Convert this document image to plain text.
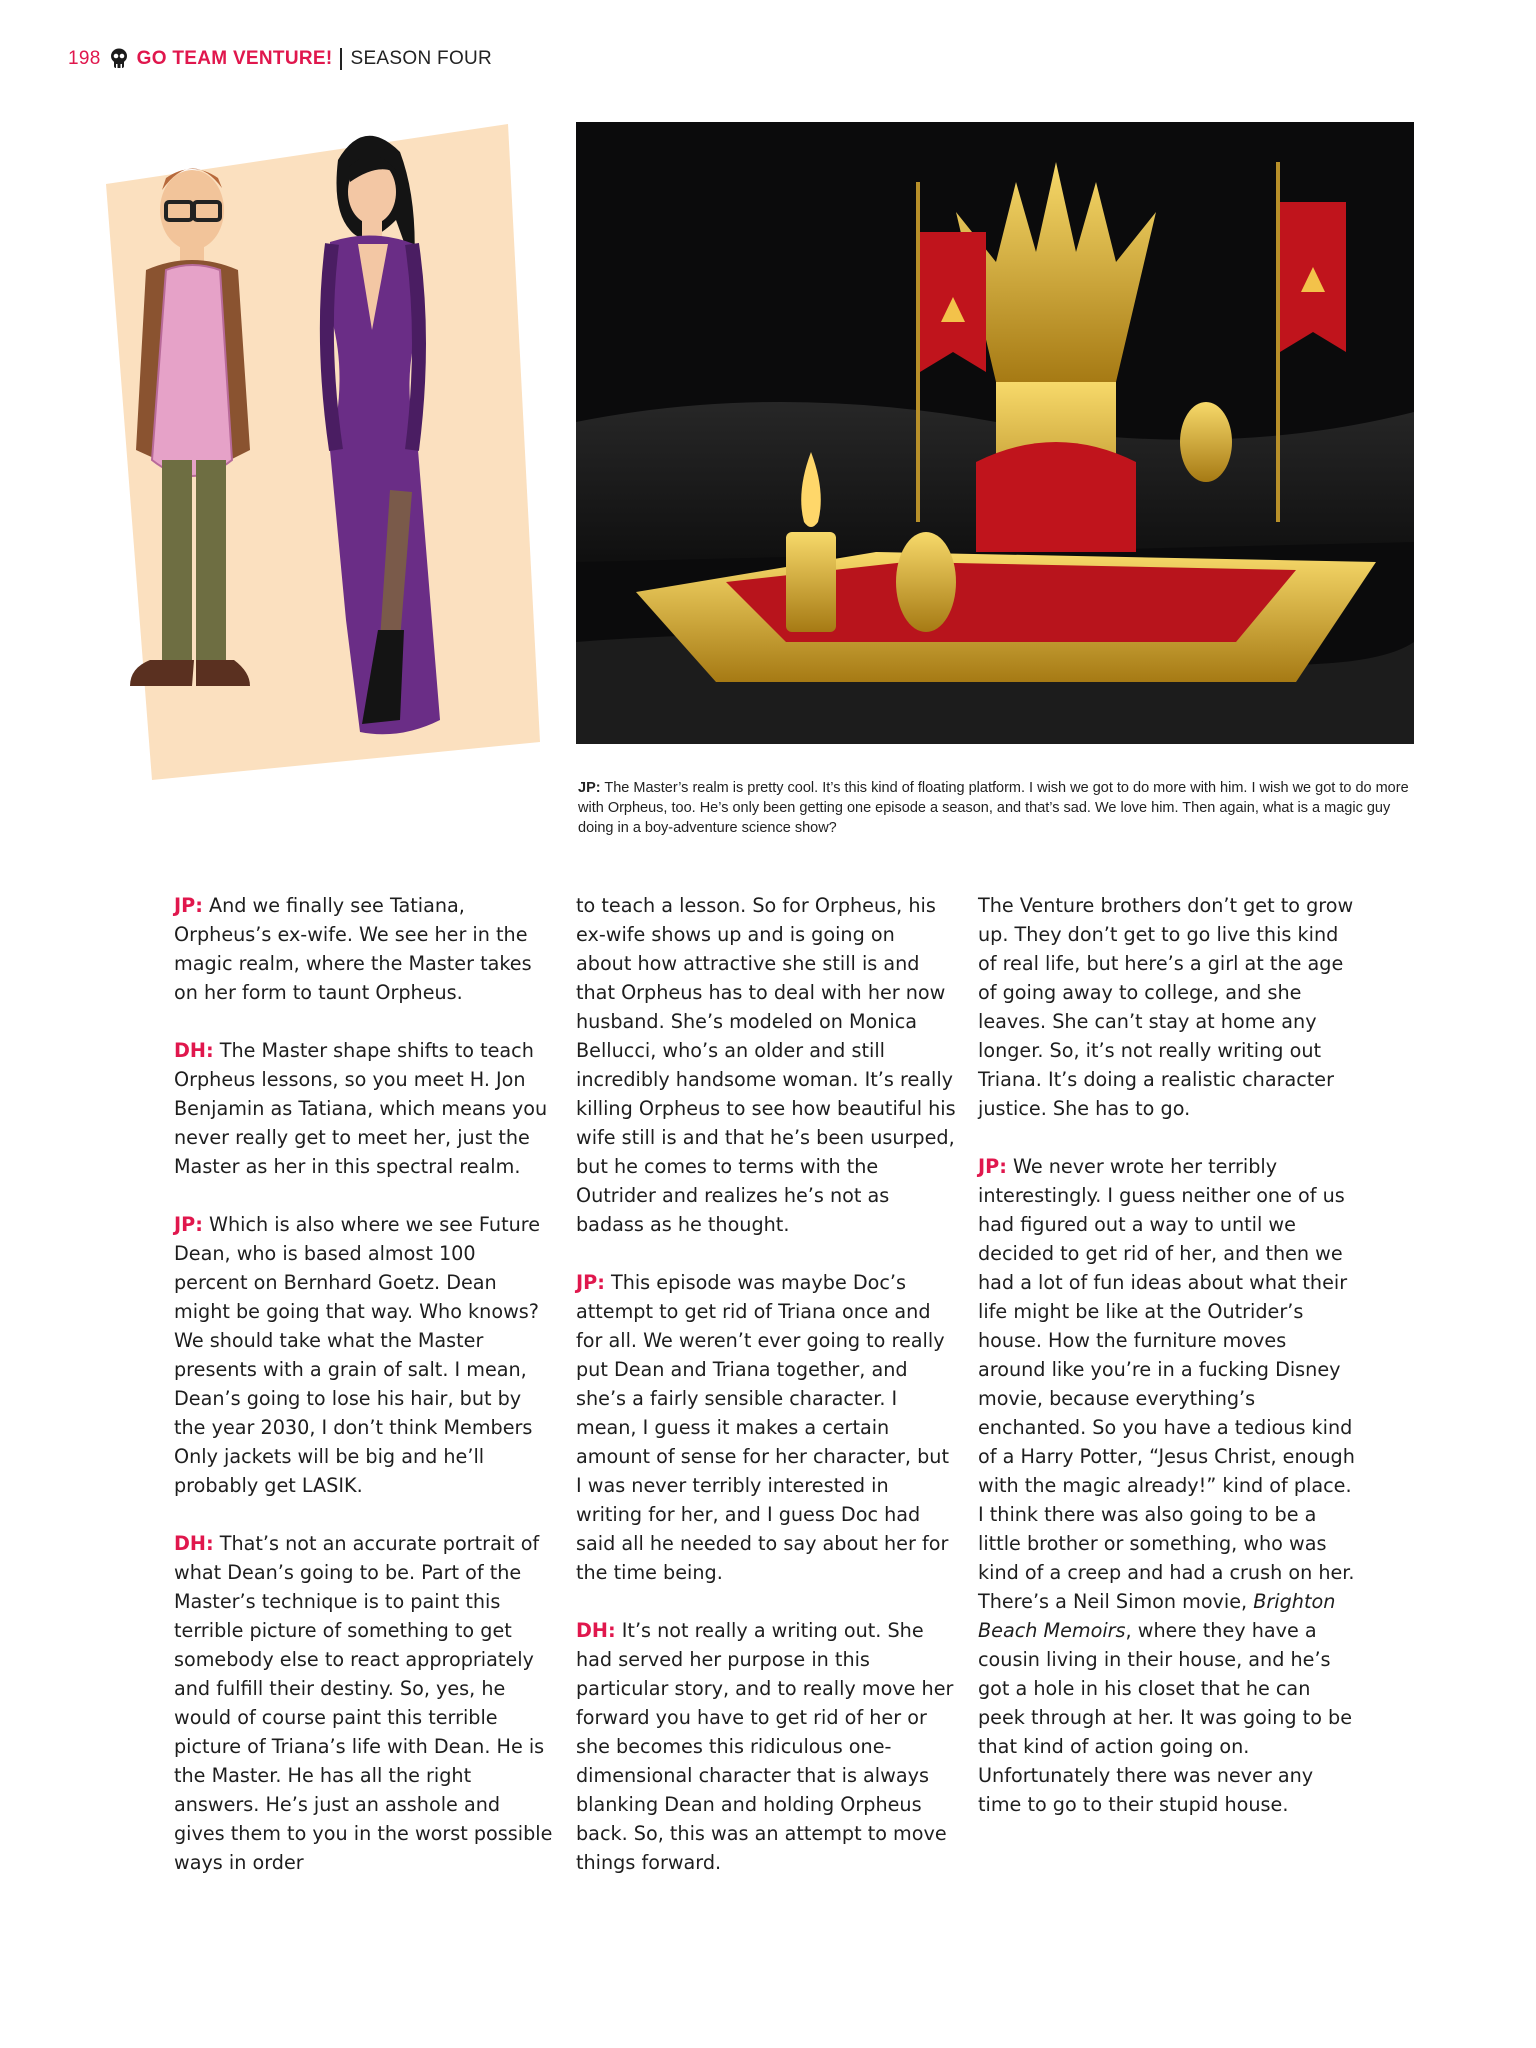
198 GO TEAM VENTURE! SEASON FOUR
JP: The Master’s realm is pretty cool. It’s this kind of floating platform. I wish we got to do more with him. I wish we got to do more with Orpheus, too. He’s only been getting one episode a season, and that’s sad. We love him. Then again, what is a magic guy doing in a boy-adventure science show?

JP: And we finally see Tatiana, Orpheus’s ex-wife. We see her in the magic realm, where the Master takes on her form to taunt Orpheus.

DH: The Master shape shifts to teach Orpheus lessons, so you meet H. Jon Benjamin as Tatiana, which means you never really get to meet her, just the Master as her in this spectral realm.

JP: Which is also where we see Future Dean, who is based almost 100 percent on Bernhard Goetz. Dean might be going that way. Who knows? We should take what the Master presents with a grain of salt. I mean, Dean’s going to lose his hair, but by the year 2030, I don’t think Members Only jackets will be big and he’ll probably get LASIK.

DH: That’s not an accurate portrait of what Dean’s going to be. Part of the Master’s technique is to paint this terrible picture of something to get somebody else to react appropriately and fulfill their destiny. So, yes, he would of course paint this terrible picture of Triana’s life with Dean. He is the Master. He has all the right answers. He’s just an asshole and gives them to you in the worst possible ways in order

to teach a lesson. So for Orpheus, his ex-wife shows up and is going on about how attractive she still is and that Orpheus has to deal with her now husband. She’s modeled on Monica Bellucci, who’s an older and still incredibly handsome woman. It’s really killing Orpheus to see how beautiful his wife still is and that he’s been usurped, but he comes to terms with the Outrider and realizes he’s not as badass as he thought.

JP: This episode was maybe Doc’s attempt to get rid of Triana once and for all. We weren’t ever going to really put Dean and Triana together, and she’s a fairly sensible character. I mean, I guess it makes a certain amount of sense for her character, but I was never terribly interested in writing for her, and I guess Doc had said all he needed to say about her for the time being.

DH: It’s not really a writing out. She had served her purpose in this particular story, and to really move her forward you have to get rid of her or she becomes this ridiculous one-dimensional character that is always blanking Dean and holding Orpheus back. So, this was an attempt to move things forward.

The Venture brothers don’t get to grow up. They don’t get to go live this kind of real life, but here’s a girl at the age of going away to college, and she leaves. She can’t stay at home any longer. So, it’s not really writing out Triana. It’s doing a realistic character justice. She has to go.

JP: We never wrote her terribly interestingly. I guess neither one of us had figured out a way to until we decided to get rid of her, and then we had a lot of fun ideas about what their life might be like at the Outrider’s house. How the furniture moves around like you’re in a fucking Disney movie, because everything’s enchanted. So you have a tedious kind of a Harry Potter, “Jesus Christ, enough with the magic already!” kind of place. I think there was also going to be a little brother or something, who was kind of a creep and had a crush on her. There’s a Neil Simon movie, Brighton Beach Memoirs, where they have a cousin living in their house, and he’s got a hole in his closet that he can peek through at her. It was going to be that kind of action going on. Unfortunately there was never any time to go to their stupid house.
